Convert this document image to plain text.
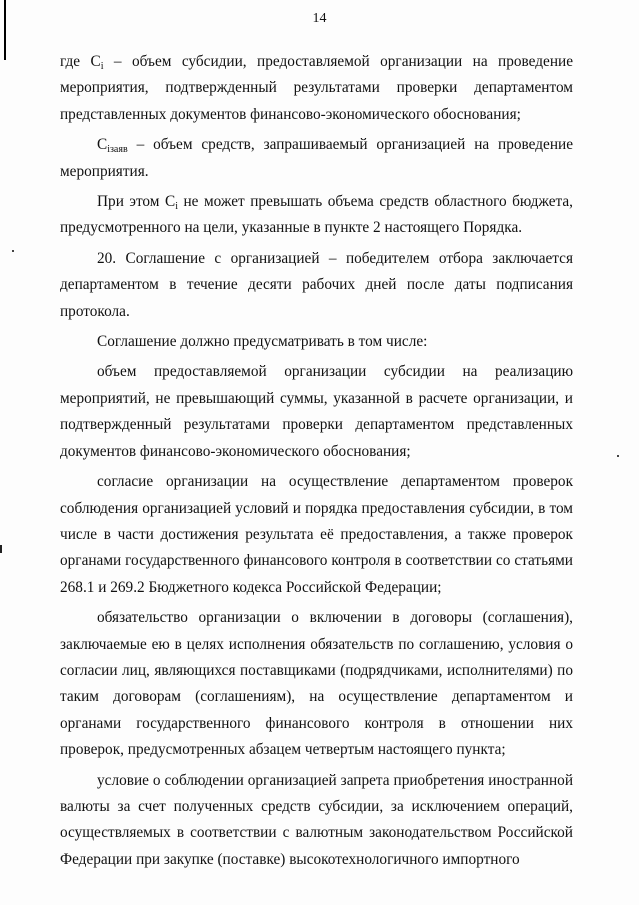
14

где $C_i$ – объем субсидии, предоставляемой организации на проведение мероприятия, подтвержденный результатами проверки департаментом представленных документов финансово-экономического обоснования;

$C_{iзаяв}$ – объем средств, запрашиваемый организацией на проведение мероприятия.

При этом $C_i$ не может превышать объема средств областного бюджета, предусмотренного на цели, указанные в пункте 2 настоящего Порядка.

20. Соглашение с организацией – победителем отбора заключается департаментом в течение десяти рабочих дней после даты подписания протокола.

Соглашение должно предусматривать в том числе:

объем предоставляемой организации субсидии на реализацию мероприятий, не превышающий суммы, указанной в расчете организации, и подтвержденный результатами проверки департаментом представленных документов финансово-экономического обоснования;

согласие организации на осуществление департаментом проверок соблюдения организацией условий и порядка предоставления субсидии, в том числе в части достижения результата её предоставления, а также проверок органами государственного финансового контроля в соответствии со статьями 268.1 и 269.2 Бюджетного кодекса Российской Федерации;

обязательство организации о включении в договоры (соглашения), заключаемые ею в целях исполнения обязательств по соглашению, условия о согласии лиц, являющихся поставщиками (подрядчиками, исполнителями) по таким договорам (соглашениям), на осуществление департаментом и органами государственного финансового контроля в отношении них проверок, предусмотренных абзацем четвертым настоящего пункта;

условие о соблюдении организацией запрета приобретения иностранной валюты за счет полученных средств субсидии, за исключением операций, осуществляемых в соответствии с валютным законодательством Российской Федерации при закупке (поставке) высокотехнологичного импортного
